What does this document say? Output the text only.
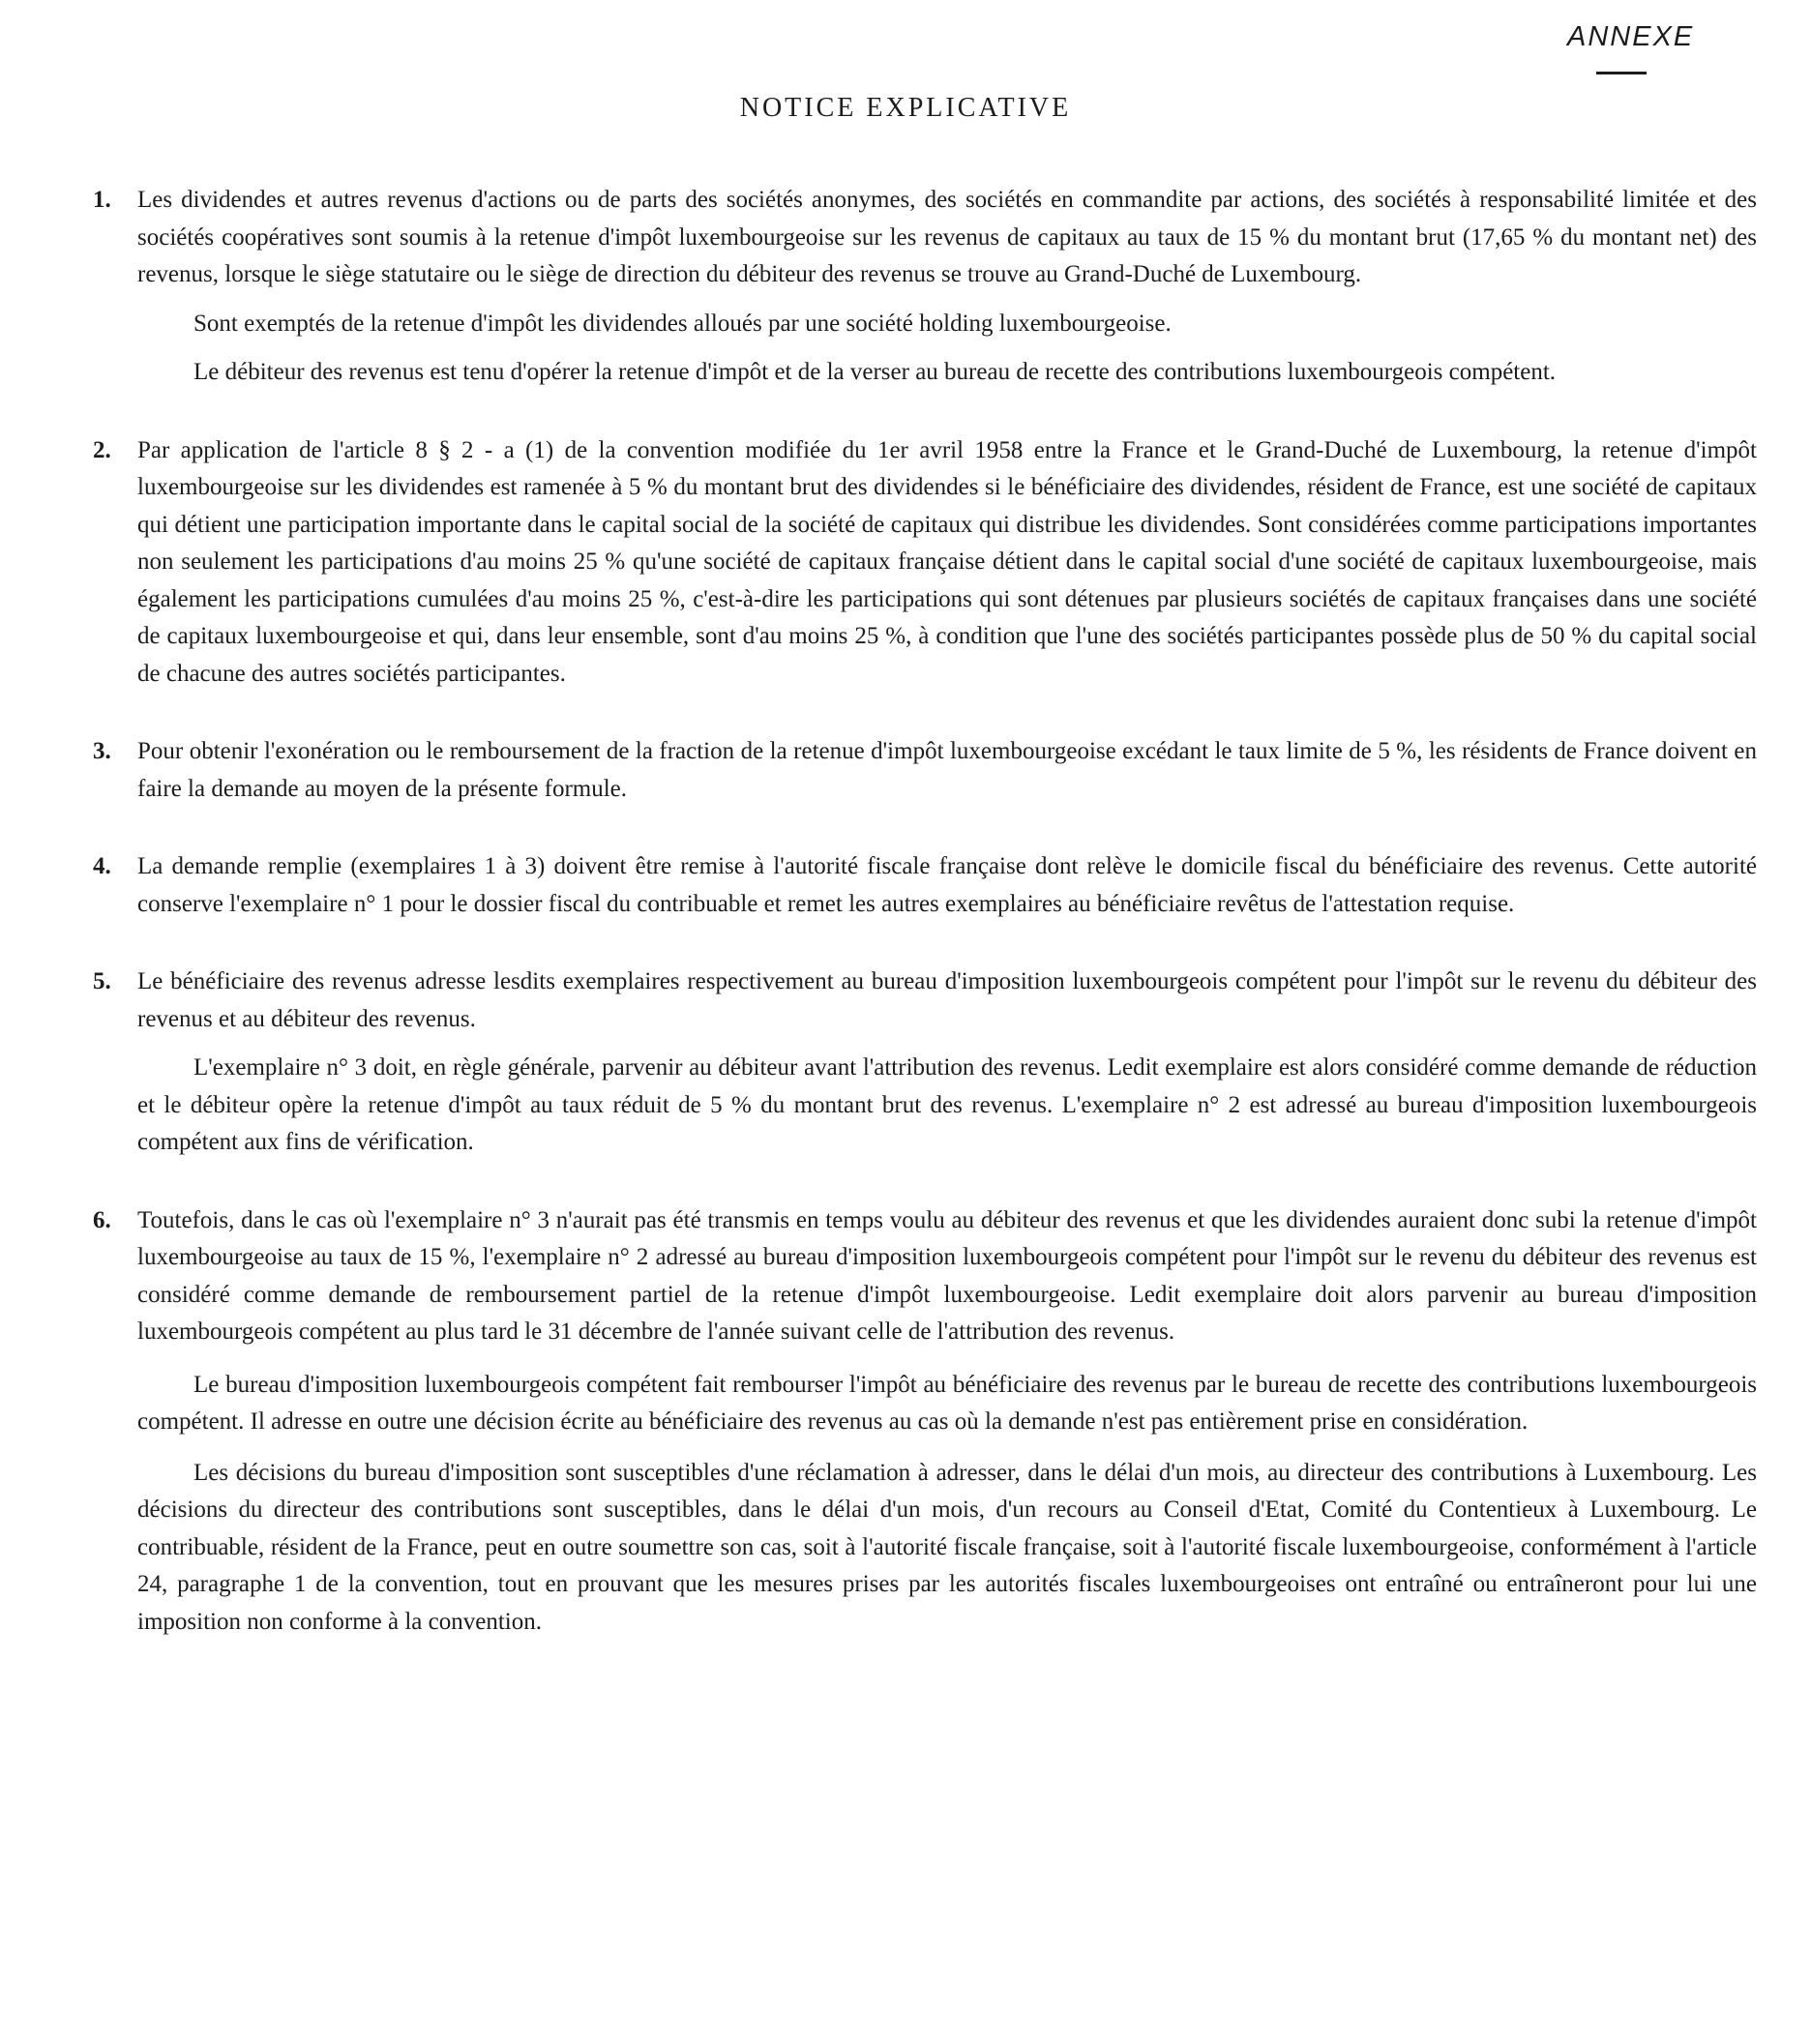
ANNEXE
NOTICE EXPLICATIVE
1. Les dividendes et autres revenus d'actions ou de parts des sociétés anonymes, des sociétés en commandite par actions, des sociétés à responsabilité limitée et des sociétés coopératives sont soumis à la retenue d'impôt luxembourgeoise sur les revenus de capitaux au taux de 15 % du montant brut (17,65 % du montant net) des revenus, lorsque le siège statutaire ou le siège de direction du débiteur des revenus se trouve au Grand-Duché de Luxembourg.

Sont exemptés de la retenue d'impôt les dividendes alloués par une société holding luxembourgeoise.

Le débiteur des revenus est tenu d'opérer la retenue d'impôt et de la verser au bureau de recette des contributions luxembourgeois compétent.

2. Par application de l'article 8 § 2 - a (1) de la convention modifiée du 1er avril 1958 entre la France et le Grand-Duché de Luxembourg, la retenue d'impôt luxembourgeoise sur les dividendes est ramenée à 5 % du montant brut des dividendes si le bénéficiaire des dividendes, résident de France, est une société de capitaux qui détient une participation importante dans le capital social de la société de capitaux qui distribue les dividendes. Sont considérées comme participations importantes non seulement les participations d'au moins 25 % qu'une société de capitaux française détient dans le capital social d'une société de capitaux luxembourgeoise, mais également les participations cumulées d'au moins 25 %, c'est-à-dire les participations qui sont détenues par plusieurs sociétés de capitaux françaises dans une société de capitaux luxembourgeoise et qui, dans leur ensemble, sont d'au moins 25 %, à condition que l'une des sociétés participantes possède plus de 50 % du capital social de chacune des autres sociétés participantes.

3. Pour obtenir l'exonération ou le remboursement de la fraction de la retenue d'impôt luxembourgeoise excédant le taux limite de 5 %, les résidents de France doivent en faire la demande au moyen de la présente formule.

4. La demande remplie (exemplaires 1 à 3) doivent être remise à l'autorité fiscale française dont relève le domicile fiscal du bénéficiaire des revenus. Cette autorité conserve l'exemplaire n° 1 pour le dossier fiscal du contribuable et remet les autres exemplaires au bénéficiaire revêtus de l'attestation requise.

5. Le bénéficiaire des revenus adresse lesdits exemplaires respectivement au bureau d'imposition luxembourgeois compétent pour l'impôt sur le revenu du débiteur des revenus et au débiteur des revenus.

L'exemplaire n° 3 doit, en règle générale, parvenir au débiteur avant l'attribution des revenus. Ledit exemplaire est alors considéré comme demande de réduction et le débiteur opère la retenue d'impôt au taux réduit de 5 % du montant brut des revenus. L'exemplaire n° 2 est adressé au bureau d'imposition luxembourgeois compétent aux fins de vérification.

6. Toutefois, dans le cas où l'exemplaire n° 3 n'aurait pas été transmis en temps voulu au débiteur des revenus et que les dividendes auraient donc subi la retenue d'impôt luxembourgeoise au taux de 15 %, l'exemplaire n° 2 adressé au bureau d'imposition luxembourgeois compétent pour l'impôt sur le revenu du débiteur des revenus est considéré comme demande de remboursement partiel de la retenue d'impôt luxembourgeoise. Ledit exemplaire doit alors parvenir au bureau d'imposition luxembourgeois compétent au plus tard le 31 décembre de l'année suivant celle de l'attribution des revenus.

Le bureau d'imposition luxembourgeois compétent fait rembourser l'impôt au bénéficiaire des revenus par le bureau de recette des contributions luxembourgeois compétent. Il adresse en outre une décision écrite au bénéficiaire des revenus au cas où la demande n'est pas entièrement prise en considération.

Les décisions du bureau d'imposition sont susceptibles d'une réclamation à adresser, dans le délai d'un mois, au directeur des contributions à Luxembourg. Les décisions du directeur des contributions sont susceptibles, dans le délai d'un mois, d'un recours au Conseil d'Etat, Comité du Contentieux à Luxembourg. Le contribuable, résident de la France, peut en outre soumettre son cas, soit à l'autorité fiscale française, soit à l'autorité fiscale luxembourgeoise, conformément à l'article 24, paragraphe 1 de la convention, tout en prouvant que les mesures prises par les autorités fiscales luxembourgeoises ont entraîné ou entraîneront pour lui une imposition non conforme à la convention.
